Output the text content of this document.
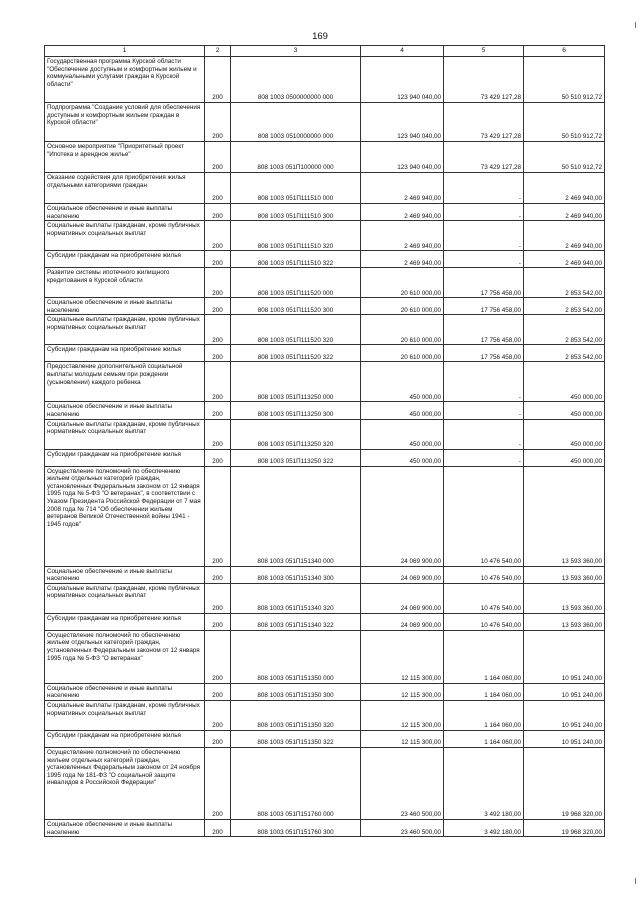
169
1	2	3	4	5	6
Государственная программа Курской области "Обеспечение доступным и комфортным жильем и коммунальными услугами граждан в Курской области"	200	808 1003 0500000000 000	123 940 040,00	73 429 127,28	50 510 912,72
Подпрограмма "Создание условий для обеспечения доступным и комфортным жильем граждан в Курской области"	200	808 1003 0510000000 000	123 940 040,00	73 429 127,28	50 510 912,72
Основное мероприятие "Приоритетный проект "Ипотека и арендное жилье"	200	808 1003 051П100000 000	123 940 040,00	73 429 127,28	50 510 912,72
Оказание содействия для приобретения жилья отдельными категориями граждан	200	808 1003 051П111510 000	2 469 940,00	-	2 469 940,00
Социальное обеспечение и иные выплаты населению	200	808 1003 051П111510 300	2 469 940,00	-	2 469 940,00
Социальные выплаты гражданам, кроме публичных нормативных социальных выплат	200	808 1003 051П111510 320	2 469 940,00	-	2 469 940,00
Субсидии гражданам на приобретение жилья	200	808 1003 051П111510 322	2 469 940,00	-	2 469 940,00
Развитие системы ипотечного жилищного кредитования в Курской области	200	808 1003 051П111520 000	20 610 000,00	17 756 458,00	2 853 542,00
Социальное обеспечение и иные выплаты населению	200	808 1003 051П111520 300	20 610 000,00	17 756 458,00	2 853 542,00
Социальные выплаты гражданам, кроме публичных нормативных социальных выплат	200	808 1003 051П111520 320	20 610 000,00	17 756 458,00	2 853 542,00
Субсидии гражданам на приобретение жилья	200	808 1003 051П111520 322	20 610 000,00	17 756 458,00	2 853 542,00
Предоставление дополнительной социальной выплаты молодым семьям при рождении (усыновлении) каждого ребенка	200	808 1003 051П113250 000	450 000,00	-	450 000,00
Социальное обеспечение и иные выплаты населению	200	808 1003 051П113250 300	450 000,00	-	450 000,00
Социальные выплаты гражданам, кроме публичных нормативных социальных выплат	200	808 1003 051П113250 320	450 000,00	-	450 000,00
Субсидии гражданам на приобретение жилья	200	808 1003 051П113250 322	450 000,00	-	450 000,00
Осуществление полномочий по обеспечению жильем отдельных категорий граждан, установленных Федеральным законом от 12 января 1995 года № 5-ФЗ "О ветеранах", в соответствии с Указом Президента Российской Федерации от 7 мая 2008 года № 714 "Об обеспечении жильем ветеранов Великой Отечественной войны 1941 - 1945 годов"	200	808 1003 051П151340 000	24 069 900,00	10 476 540,00	13 593 360,00
Социальное обеспечение и иные выплаты населению	200	808 1003 051П151340 300	24 069 900,00	10 476 540,00	13 593 360,00
Социальные выплаты гражданам, кроме публичных нормативных социальных выплат	200	808 1003 051П151340 320	24 069 900,00	10 476 540,00	13 593 360,00
Субсидии гражданам на приобретение жилья	200	808 1003 051П151340 322	24 069 900,00	10 476 540,00	13 593 360,00
Осуществление полномочий по обеспечению жильем отдельных категорий граждан, установленных Федеральным законом от 12 января 1995 года № 5-ФЗ "О ветеранах"	200	808 1003 051П151350 000	12 115 300,00	1 164 060,00	10 951 240,00
Социальное обеспечение и иные выплаты населению	200	808 1003 051П151350 300	12 115 300,00	1 164 060,00	10 951 240,00
Социальные выплаты гражданам, кроме публичных нормативных социальных выплат	200	808 1003 051П151350 320	12 115 300,00	1 164 060,00	10 951 240,00
Субсидии гражданам на приобретение жилья	200	808 1003 051П151350 322	12 115 300,00	1 164 060,00	10 951 240,00
Осуществление полномочий по обеспечению жильем отдельных категорий граждан, установленных Федеральным законом от 24 ноября 1995 года № 181-ФЗ "О социальной защите инвалидов в Российской Федерации"	200	808 1003 051П151760 000	23 460 500,00	3 492 180,00	19 968 320,00
Социальное обеспечение и иные выплаты населению	200	808 1003 051П151760 300	23 460 500,00	3 492 180,00	19 968 320,00
